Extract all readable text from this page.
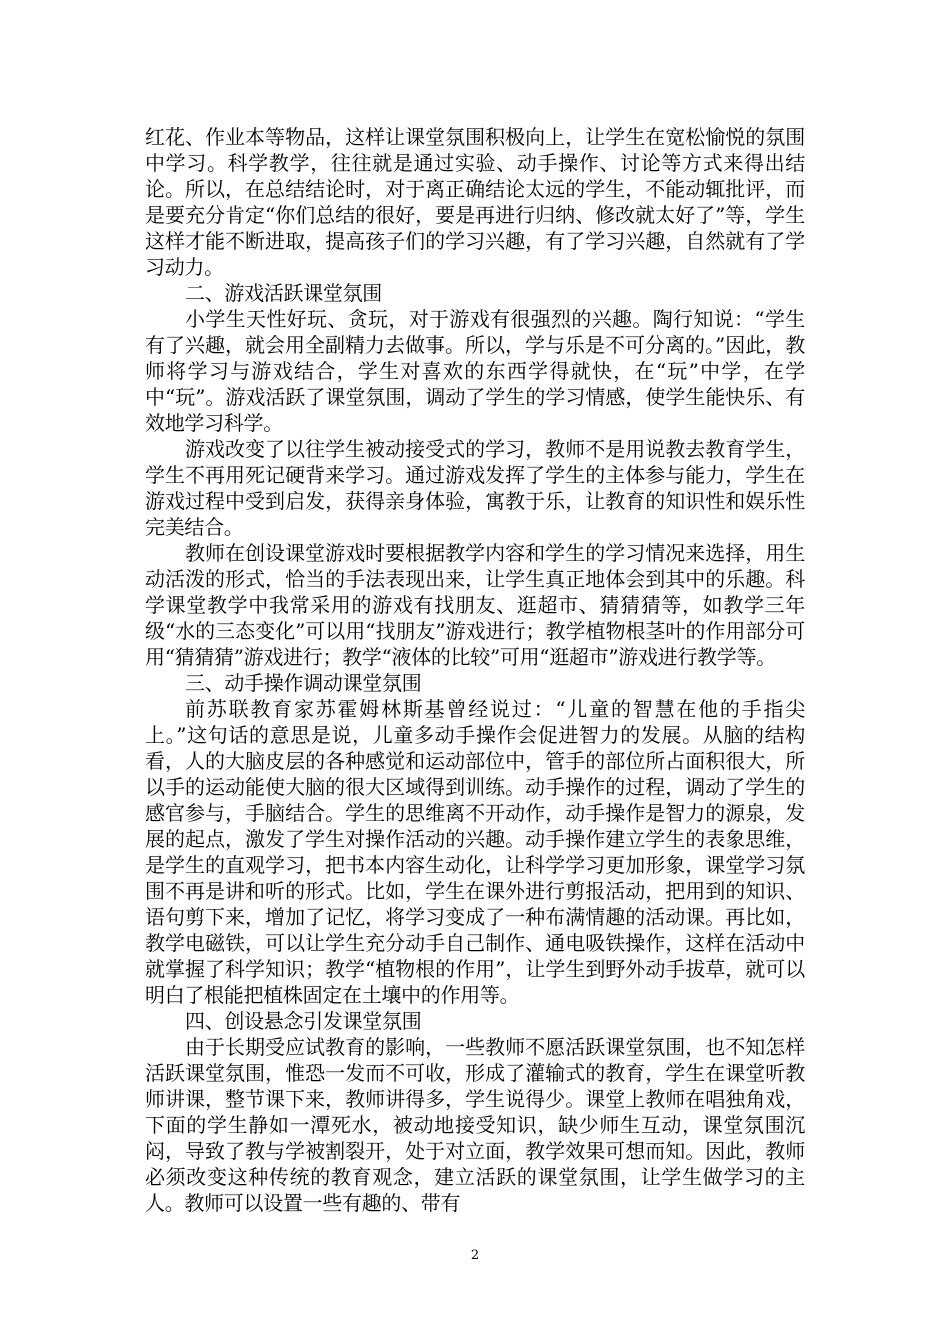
红花、作业本等物品，这样让课堂氛围积极向上，让学生在宽松愉悦的氛围中学习。科学教学，往往就是通过实验、动手操作、讨论等方式来得出结论。所以，在总结结论时，对于离正确结论太远的学生，不能动辄批评，而是要充分肯定“你们总结的很好，要是再进行归纳、修改就太好了”等，学生这样才能不断进取，提高孩子们的学习兴趣，有了学习兴趣，自然就有了学习动力。

二、游戏活跃课堂氛围

小学生天性好玩、贪玩，对于游戏有很强烈的兴趣。陶行知说：“学生有了兴趣，就会用全副精力去做事。所以，学与乐是不可分离的。”因此，教师将学习与游戏结合，学生对喜欢的东西学得就快，在“玩”中学，在学中“玩”。游戏活跃了课堂氛围，调动了学生的学习情感，使学生能快乐、有效地学习科学。

游戏改变了以往学生被动接受式的学习，教师不是用说教去教育学生，学生不再用死记硬背来学习。通过游戏发挥了学生的主体参与能力，学生在游戏过程中受到启发，获得亲身体验，寓教于乐，让教育的知识性和娱乐性完美结合。

教师在创设课堂游戏时要根据教学内容和学生的学习情况来选择，用生动活泼的形式，恰当的手法表现出来，让学生真正地体会到其中的乐趣。科学课堂教学中我常采用的游戏有找朋友、逛超市、猜猜猜等，如教学三年级“水的三态变化”可以用“找朋友”游戏进行；教学植物根茎叶的作用部分可用“猜猜猜”游戏进行；教学“液体的比较”可用“逛超市”游戏进行教学等。

三、动手操作调动课堂氛围

前苏联教育家苏霍姆林斯基曾经说过：“儿童的智慧在他的手指尖上。”这句话的意思是说，儿童多动手操作会促进智力的发展。从脑的结构看，人的大脑皮层的各种感觉和运动部位中，管手的部位所占面积很大，所以手的运动能使大脑的很大区域得到训练。动手操作的过程，调动了学生的感官参与，手脑结合。学生的思维离不开动作，动手操作是智力的源泉，发展的起点，激发了学生对操作活动的兴趣。动手操作建立学生的表象思维，是学生的直观学习，把书本内容生动化，让科学学习更加形象，课堂学习氛围不再是讲和听的形式。比如，学生在课外进行剪报活动，把用到的知识、语句剪下来，增加了记忆，将学习变成了一种布满情趣的活动课。再比如，教学电磁铁，可以让学生充分动手自己制作、通电吸铁操作，这样在活动中就掌握了科学知识；教学“植物根的作用”，让学生到野外动手拔草，就可以明白了根能把植株固定在土壤中的作用等。

四、创设悬念引发课堂氛围

由于长期受应试教育的影响，一些教师不愿活跃课堂氛围，也不知怎样活跃课堂氛围，惟恐一发而不可收，形成了灌输式的教育，学生在课堂听教师讲课，整节课下来，教师讲得多，学生说得少。课堂上教师在唱独角戏，下面的学生静如一潭死水，被动地接受知识，缺少师生互动，课堂氛围沉闷，导致了教与学被割裂开，处于对立面，教学效果可想而知。因此，教师必须改变这种传统的教育观念，建立活跃的课堂氛围，让学生做学习的主人。教师可以设置一些有趣的、带有

2
